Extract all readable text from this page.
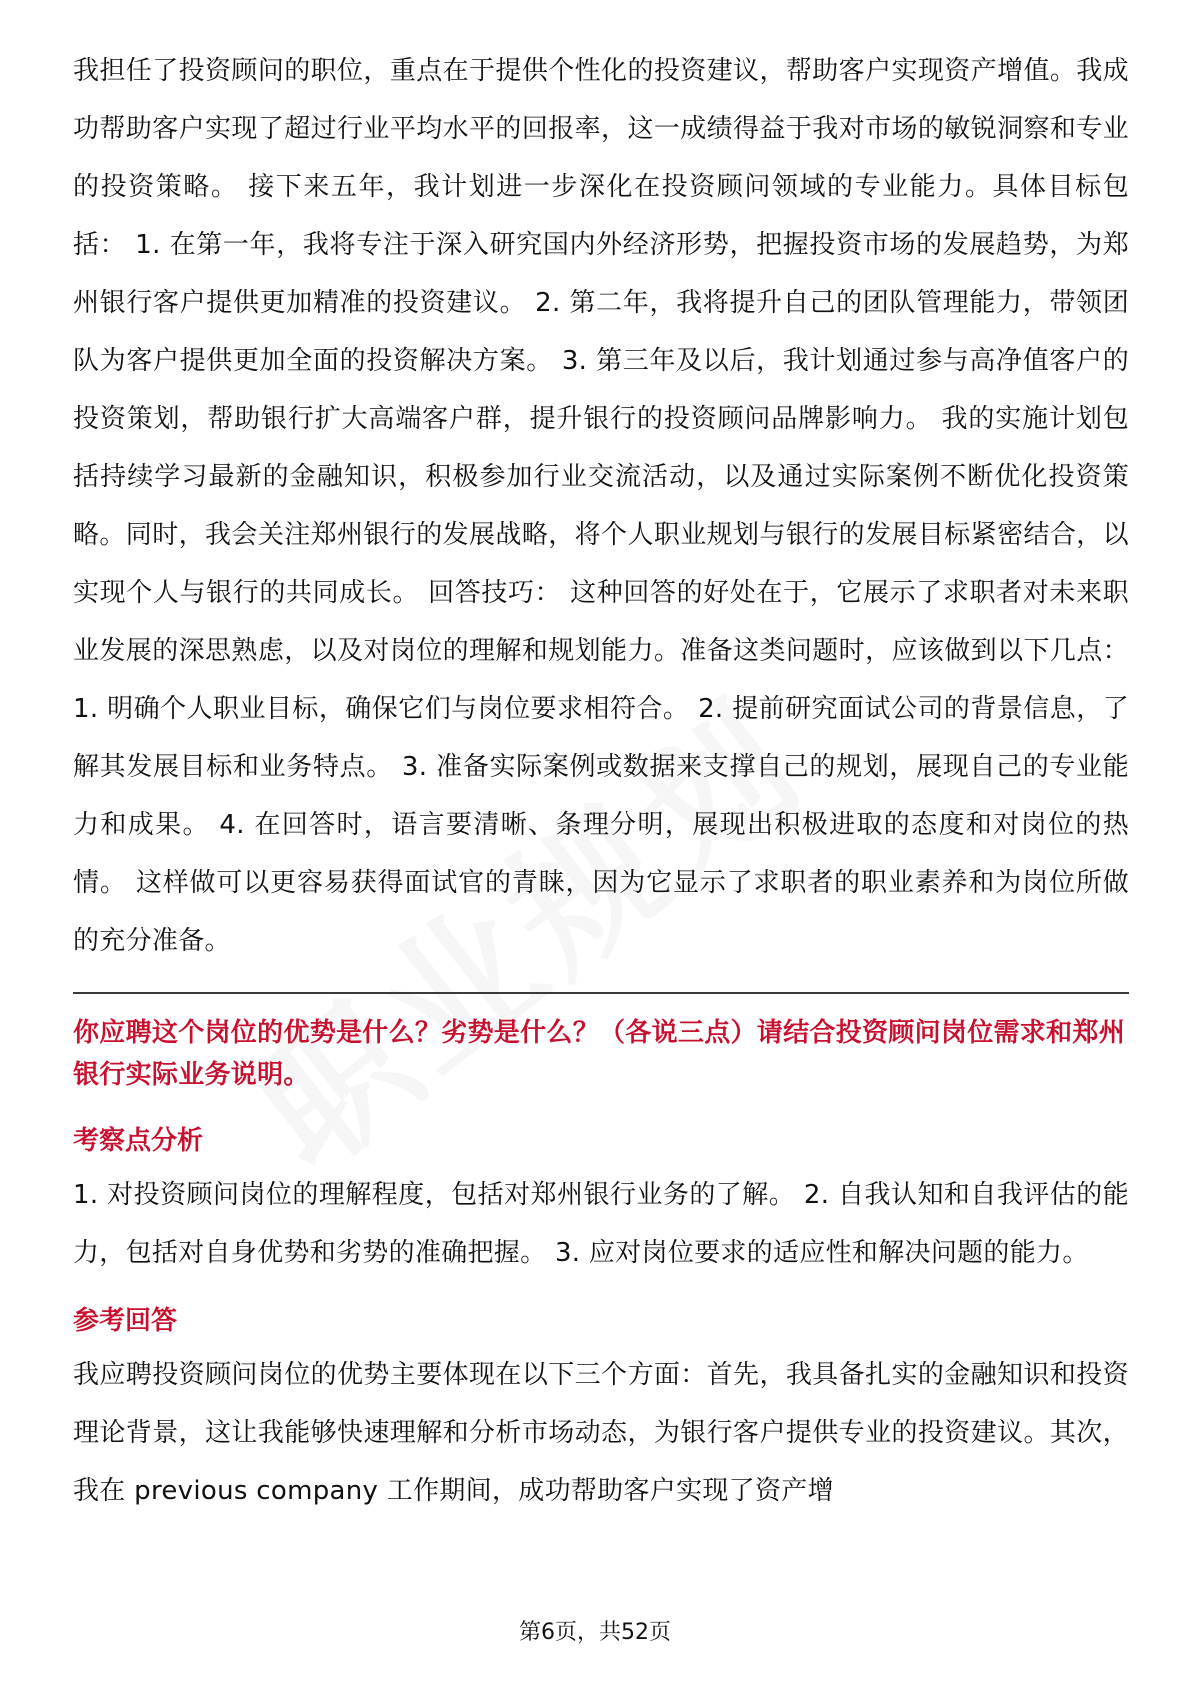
我担任了投资顾问的职位，重点在于提供个性化的投资建议，帮助客户实现资产增值。我成功帮助客户实现了超过行业平均水平的回报率，这一成绩得益于我对市场的敏锐洞察和专业的投资策略。 接下来五年，我计划进一步深化在投资顾问领域的专业能力。具体目标包括： 1. 在第一年，我将专注于深入研究国内外经济形势，把握投资市场的发展趋势，为郑州银行客户提供更加精准的投资建议。 2. 第二年，我将提升自己的团队管理能力，带领团队为客户提供更加全面的投资解决方案。 3. 第三年及以后，我计划通过参与高净值客户的投资策划，帮助银行扩大高端客户群，提升银行的投资顾问品牌影响力。 我的实施计划包括持续学习最新的金融知识，积极参加行业交流活动，以及通过实际案例不断优化投资策略。同时，我会关注郑州银行的发展战略，将个人职业规划与银行的发展目标紧密结合，以实现个人与银行的共同成长。 回答技巧： 这种回答的好处在于，它展示了求职者对未来职业发展的深思熟虑，以及对岗位的理解和规划能力。准备这类问题时，应该做到以下几点： 1. 明确个人职业目标，确保它们与岗位要求相符合。 2. 提前研究面试公司的背景信息，了解其发展目标和业务特点。 3. 准备实际案例或数据来支撑自己的规划，展现自己的专业能力和成果。 4. 在回答时，语言要清晰、条理分明，展现出积极进取的态度和对岗位的热情。 这样做可以更容易获得面试官的青睐，因为它显示了求职者的职业素养和为岗位所做的充分准备。

你应聘这个岗位的优势是什么？劣势是什么？（各说三点）请结合投资顾问岗位需求和郑州银行实际业务说明。

考察点分析

1. 对投资顾问岗位的理解程度，包括对郑州银行业务的了解。 2. 自我认知和自我评估的能力，包括对自身优势和劣势的准确把握。 3. 应对岗位要求的适应性和解决问题的能力。

参考回答

我应聘投资顾问岗位的优势主要体现在以下三个方面：首先，我具备扎实的金融知识和投资理论背景，这让我能够快速理解和分析市场动态，为银行客户提供专业的投资建议。其次，我在 previous company 工作期间，成功帮助客户实现了资产增

第6页，共52页
